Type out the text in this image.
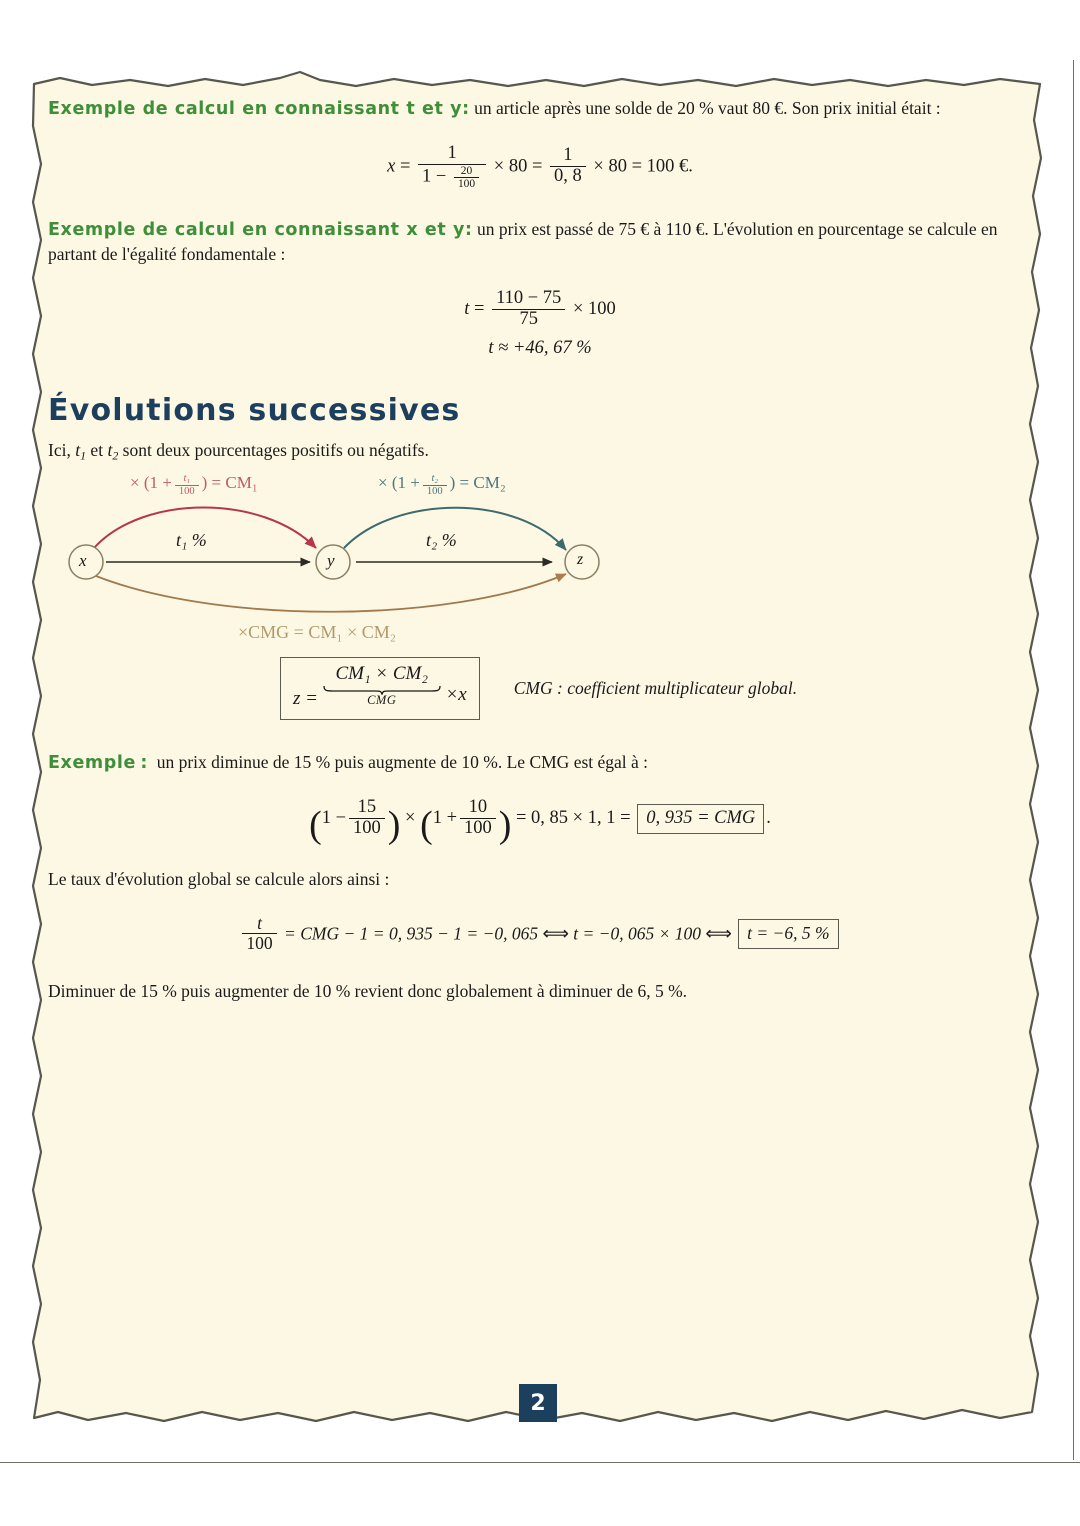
Exemple de calcul en connaissant t et y: un article après une solde de 20 % vaut 80 €. Son prix initial était :

$x = \frac{1}{1 - \frac{20}{100}} \times 80 = \frac{1}{0, 8} \times 80 = 100$ €.

Exemple de calcul en connaissant x et y: un prix est passé de 75 € à 110 €. L'évolution en pourcentage se calcule en partant de l'égalité fondamentale :

$t = \frac{110 - 75}{75} \times 100$
t ≈ +46, 67 %
Évolutions successives

Ici, $t_1$ et $t_2$ sont deux pourcentages positifs ou négatifs.

x	y	z
t₁ %	t₂ %
× ($1 + \frac{\text{t₁}}{100}$ ) = CM₁	× ($1 + \frac{\text{t₂}}{100}$ ) = CM₂
×CMG = CM₁ × CM₂
z = CM₁ × CM₂
CMG	×x	CMG : coefficient multiplicateur global.

Exemple : un prix diminue de 15 % puis augmente de 10 %. Le CMG est égal à :

($1 - \frac{15}{100}$ ) × ($1 + \frac{10}{100}$ ) = 0, 85 × 1, 1 = 0, 935 = CMG .

Le taux d'évolution global se calcule alors ainsi :

$\frac{t}{100}$ = CMG − 1 = 0, 935 − 1 = −0, 065 ⟺ t = −0, 065 × 100 ⟺ t = −6, 5 %

Diminuer de 15 % puis augmenter de 10 % revient donc globalement à diminuer de 6, 5 %.

2
